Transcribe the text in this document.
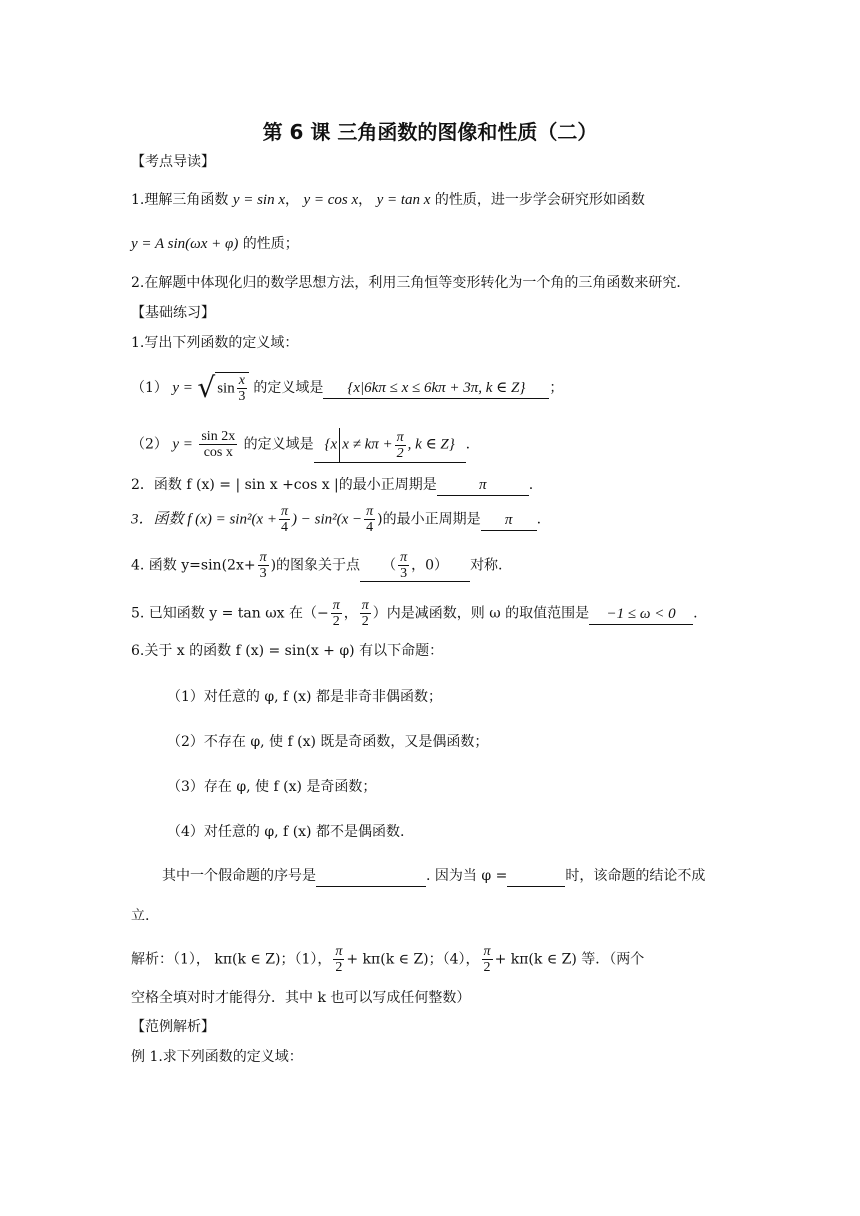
第 6 课 三角函数的图像和性质（二）
【考点导读】
1.理解三角函数 y = sin x， y = cos x， y = tan x 的性质，进一步学会研究形如函数
y = A sin(ωx + φ) 的性质；
2.在解题中体现化归的数学思想方法，利用三角恒等变形转化为一个角的三角函数来研究．
【基础练习】
1.写出下列函数的定义域：
（1） y = √ $\sin \frac{x}{3}$ 的定义域是 {x|6kπ ≤ x ≤ 6kπ + 3π, k ∈ Z} ；
（2） $y = \frac{\sin 2x}{\text{cos x}}$ 的定义域是 {x $x \ne k\pi + \frac{\pi}{2}$ , k ∈ Z} .
2．函数 f (x) = | sin x +cos x |的最小正周期是	π	.
3．函数 f $(x) = \sin^2(x + \frac{\pi}{4}$ ) − $\sin^2(x - \frac{\pi}{4}$ )的最小正周期是 π .
4. 函数 $y=\sin(2x+ \frac{\pi}{3}$ )的图象关于点 （ $\frac{\pi}{3}$ ，0） 对称.
5. 已知函数 y = tan ωx 在（− $\frac{\pi}{2}$ ， $\frac{\pi}{2}$ ）内是减函数，则 ω 的取值范围是 −1 ≤ ω < 0 .
6.关于 x 的函数 f (x) = sin(x + φ) 有以下命题：
（1）对任意的 φ, f (x) 都是非奇非偶函数；
（2）不存在 φ, 使 f (x) 既是奇函数，又是偶函数；
（3）存在 φ, 使 f (x) 是奇函数；
（4）对任意的 φ, f (x) 都不是偶函数.
其中一个假命题的序号是	. 因为当 φ =	时，该命题的结论不成
立.
解析：（1）， kπ(k ∈ Z)；（1）， $\frac{\pi}{2} + k\pi(k$ ∈ Z)；（4）， $\frac{\pi}{2} + k\pi(k$ ∈ Z) 等．（两个
空格全填对时才能得分．其中 k 也可以写成任何整数）
【范例解析】
例 1.求下列函数的定义域：
